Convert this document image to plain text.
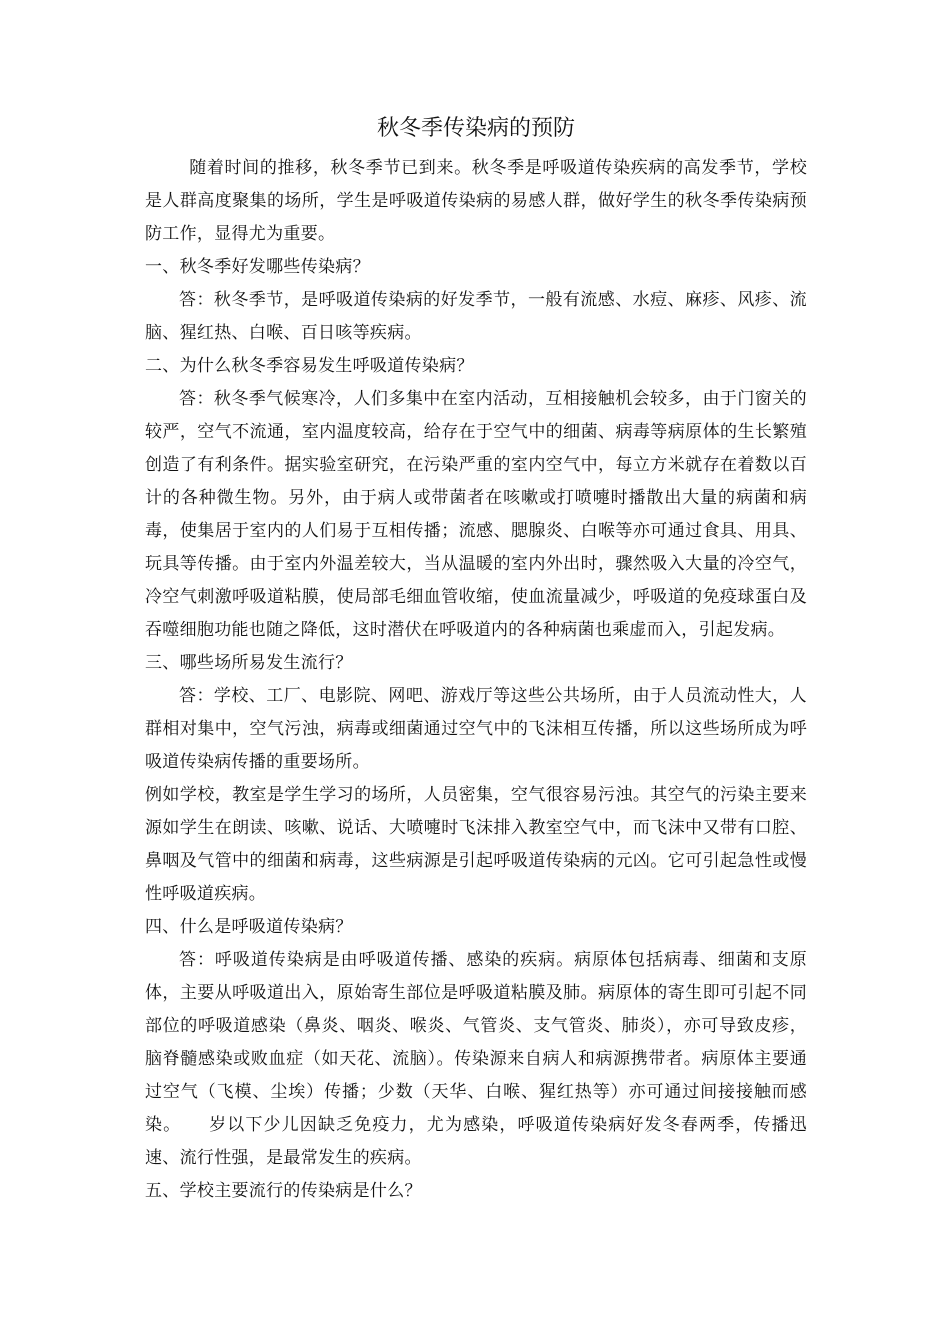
秋冬季传染病的预防

随着时间的推移，秋冬季节已到来。秋冬季是呼吸道传染疾病的高发季节，学校是人群高度聚集的场所，学生是呼吸道传染病的易感人群，做好学生的秋冬季传染病预防工作，显得尤为重要。

一、秋冬季好发哪些传染病？

答：秋冬季节，是呼吸道传染病的好发季节，一般有流感、水痘、麻疹、风疹、流脑、猩红热、白喉、百日咳等疾病。

二、为什么秋冬季容易发生呼吸道传染病？

答：秋冬季气候寒冷，人们多集中在室内活动，互相接触机会较多，由于门窗关的较严，空气不流通，室内温度较高，给存在于空气中的细菌、病毒等病原体的生长繁殖创造了有利条件。据实验室研究，在污染严重的室内空气中，每立方米就存在着数以百计的各种微生物。另外，由于病人或带菌者在咳嗽或打喷嚏时播散出大量的病菌和病毒，使集居于室内的人们易于互相传播；流感、腮腺炎、白喉等亦可通过食具、用具、玩具等传播。由于室内外温差较大，当从温暖的室内外出时，骤然吸入大量的冷空气，冷空气刺激呼吸道粘膜，使局部毛细血管收缩，使血流量减少，呼吸道的免疫球蛋白及吞噬细胞功能也随之降低，这时潜伏在呼吸道内的各种病菌也乘虚而入，引起发病。

三、哪些场所易发生流行？

答：学校、工厂、电影院、网吧、游戏厅等这些公共场所，由于人员流动性大，人群相对集中，空气污浊，病毒或细菌通过空气中的飞沫相互传播，所以这些场所成为呼吸道传染病传播的重要场所。

例如学校，教室是学生学习的场所，人员密集，空气很容易污浊。其空气的污染主要来源如学生在朗读、咳嗽、说话、大喷嚏时飞沫排入教室空气中，而飞沫中又带有口腔、鼻咽及气管中的细菌和病毒，这些病源是引起呼吸道传染病的元凶。它可引起急性或慢性呼吸道疾病。

四、什么是呼吸道传染病？

答：呼吸道传染病是由呼吸道传播、感染的疾病。病原体包括病毒、细菌和支原体，主要从呼吸道出入，原始寄生部位是呼吸道粘膜及肺。病原体的寄生即可引起不同部位的呼吸道感染（鼻炎、咽炎、喉炎、气管炎、支气管炎、肺炎），亦可导致皮疹，脑脊髓感染或败血症（如天花、流脑）。传染源来自病人和病源携带者。病原体主要通过空气（飞模、尘埃）传播；少数（天华、白喉、猩红热等）亦可通过间接接触而感染。　　岁以下少儿因缺乏免疫力，尤为感染，呼吸道传染病好发冬春两季，传播迅速、流行性强，是最常发生的疾病。

五、学校主要流行的传染病是什么？
